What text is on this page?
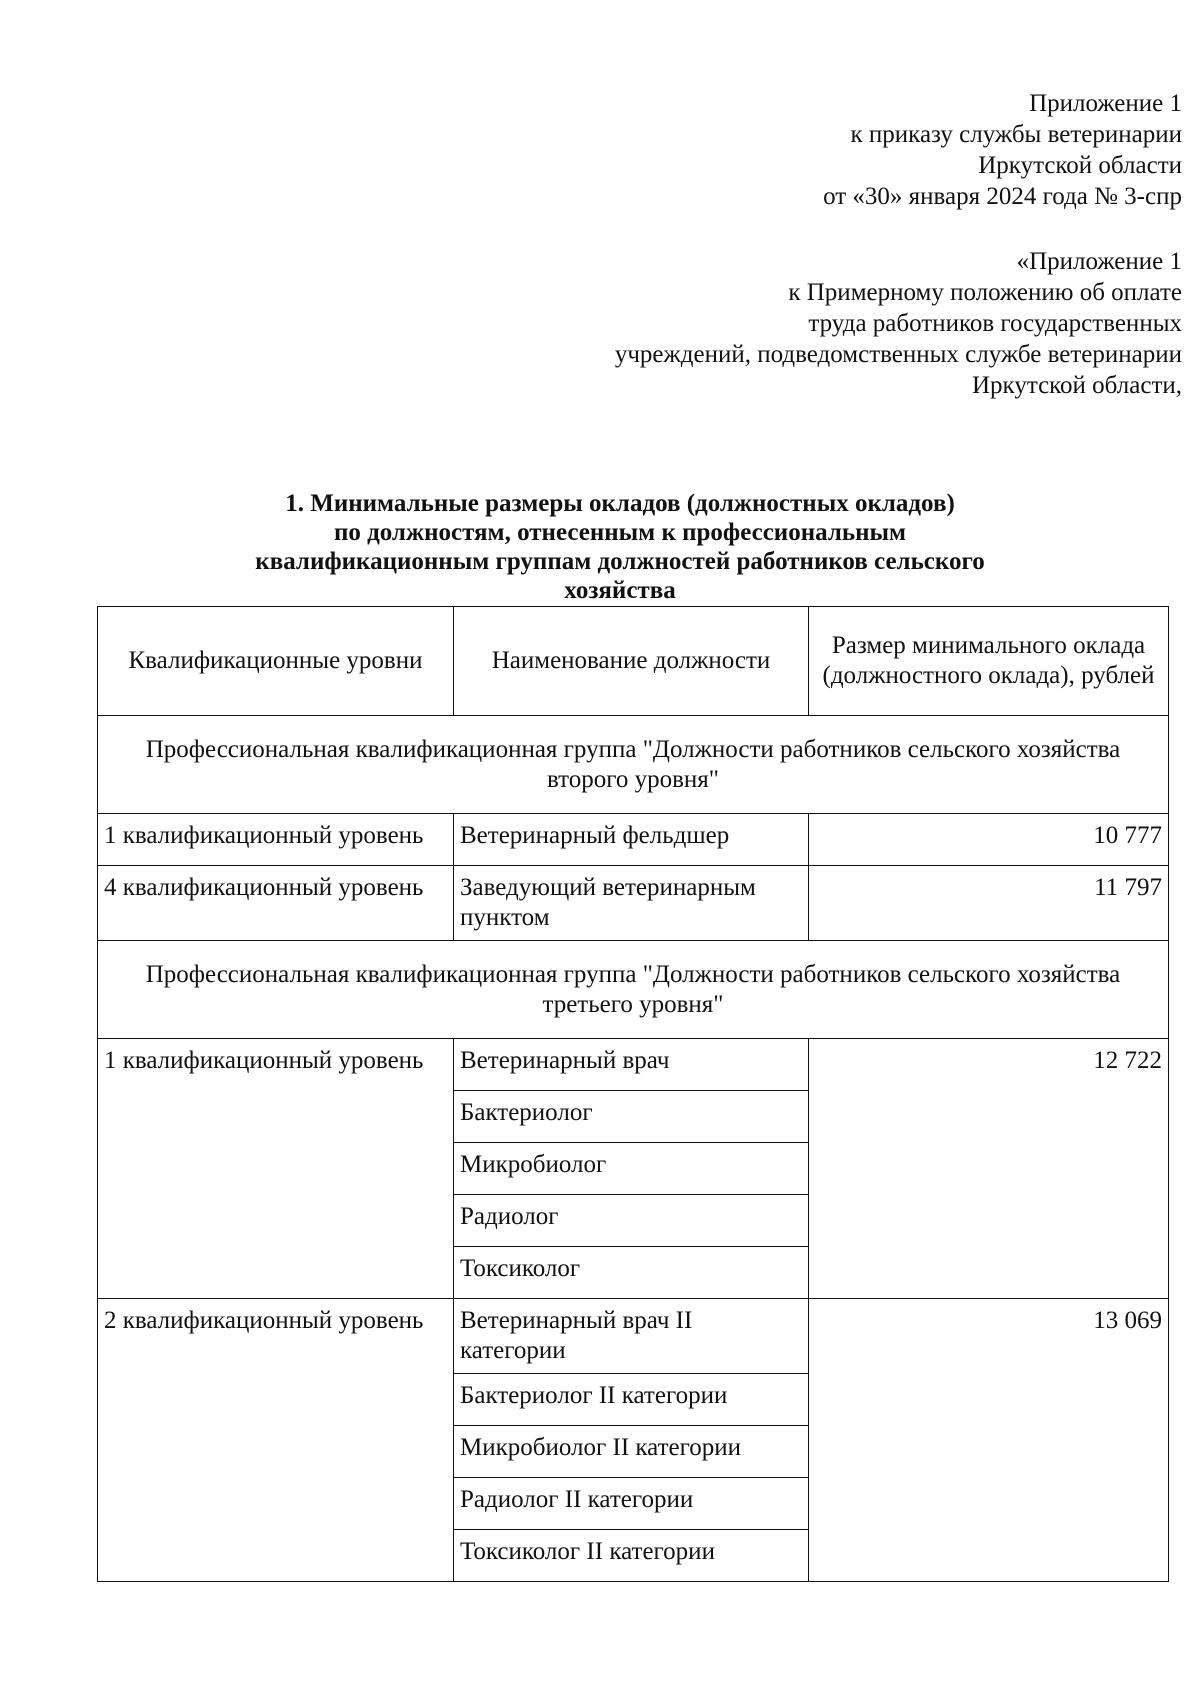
Приложение 1
к приказу службы ветеринарии
Иркутской области
от «30» января 2024 года № 3-спр
«Приложение 1
к Примерному положению об оплате
труда работников государственных
учреждений, подведомственных службе ветеринарии
Иркутской области,
1. Минимальные размеры окладов (должностных окладов)
по должностям, отнесенным к профессиональным
квалификационным группам должностей работников сельского
хозяйства
Квалификационные уровни	Наименование должности	Размер минимального оклада (должностного оклада), рублей
Профессиональная квалификационная группа "Должности работников сельского хозяйства второго уровня"		
1 квалификационный уровень	Ветеринарный фельдшер	10 777
4 квалификационный уровень	Заведующий ветеринарным пунктом	11 797
Профессиональная квалификационная группа "Должности работников сельского хозяйства третьего уровня"		
1 квалификационный уровень	Ветеринарный врач	12 722
	Бактериолог	
	Микробиолог	
	Радиолог	
	Токсиколог	
2 квалификационный уровень	Ветеринарный врач II категории	13 069
	Бактериолог II категории	
	Микробиолог II категории	
	Радиолог II категории	
	Токсиколог II категории	
